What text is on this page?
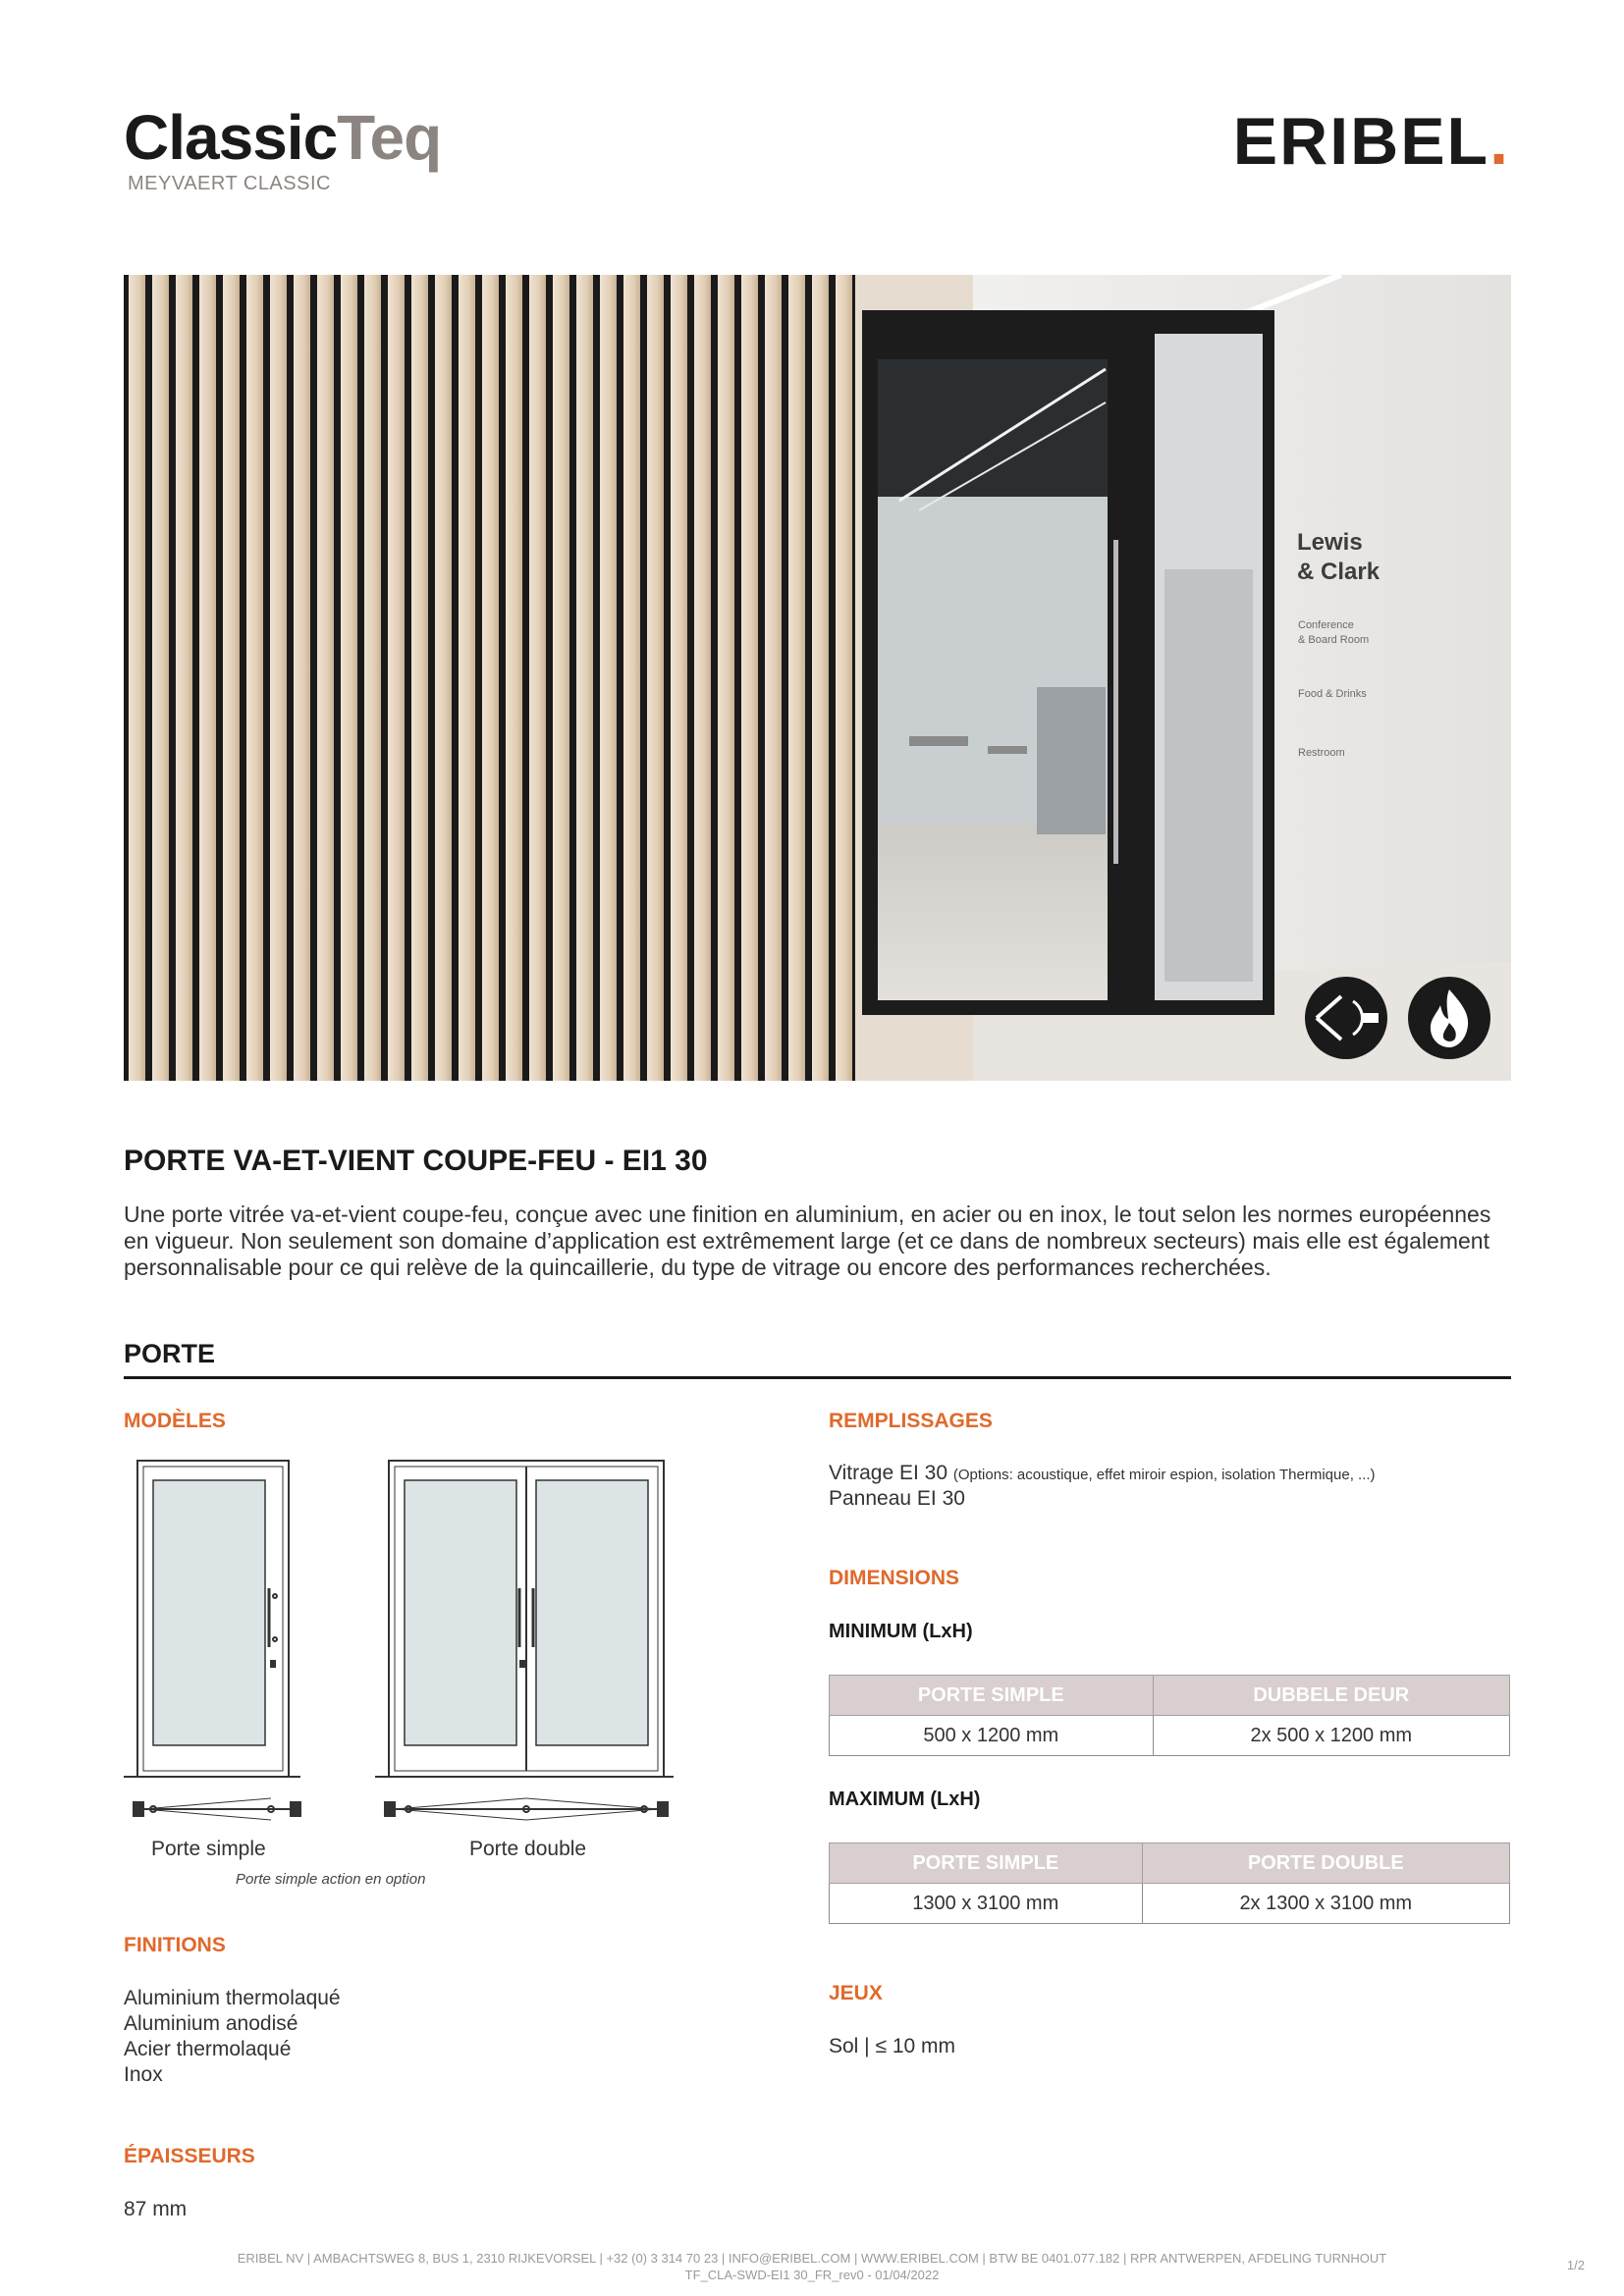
ClassicTeq
MEYVAERT CLASSIC
ERIBEL.
Lewis
& Clark
Conference
& Board Room
Food & Drinks
Restroom
PORTE VA-ET-VIENT COUPE-FEU - EI1 30
Une porte vitrée va-et-vient coupe-feu, conçue avec une finition en aluminium, en acier ou en inox, le tout selon les normes européennes en vigueur. Non seulement son domaine d’application est extrêmement large (et ce dans de nombreux secteurs) mais elle est également personnalisable pour ce qui relève de la quincaillerie, du type de vitrage ou encore des performances recherchées.
PORTE
MODÈLES
Porte simple	Porte double
Porte simple action en option
FINITIONS
Aluminium thermolaqué
Aluminium anodisé
Acier thermolaqué
Inox
ÉPAISSEURS
87 mm
REMPLISSAGES
Vitrage EI 30 (Options: acoustique, effet miroir espion, isolation Thermique, ...)
Panneau EI 30
DIMENSIONS
MINIMUM (LxH)
PORTE SIMPLE	DUBBELE DEUR
500 x 1200 mm	2x 500 x 1200 mm
MAXIMUM (LxH)
PORTE SIMPLE	PORTE DOUBLE
1300 x 3100 mm	2x 1300 x 3100 mm
JEUX
Sol | ≤ 10 mm
ERIBEL NV | AMBACHTSWEG 8, BUS 1, 2310 RIJKEVORSEL | +32 (0) 3 314 70 23 | INFO@ERIBEL.COM | WWW.ERIBEL.COM | BTW BE 0401.077.182 | RPR ANTWERPEN, AFDELING TURNHOUT
TF_CLA-SWD-EI1 30_FR_rev0 - 01/04/2022
1/2
